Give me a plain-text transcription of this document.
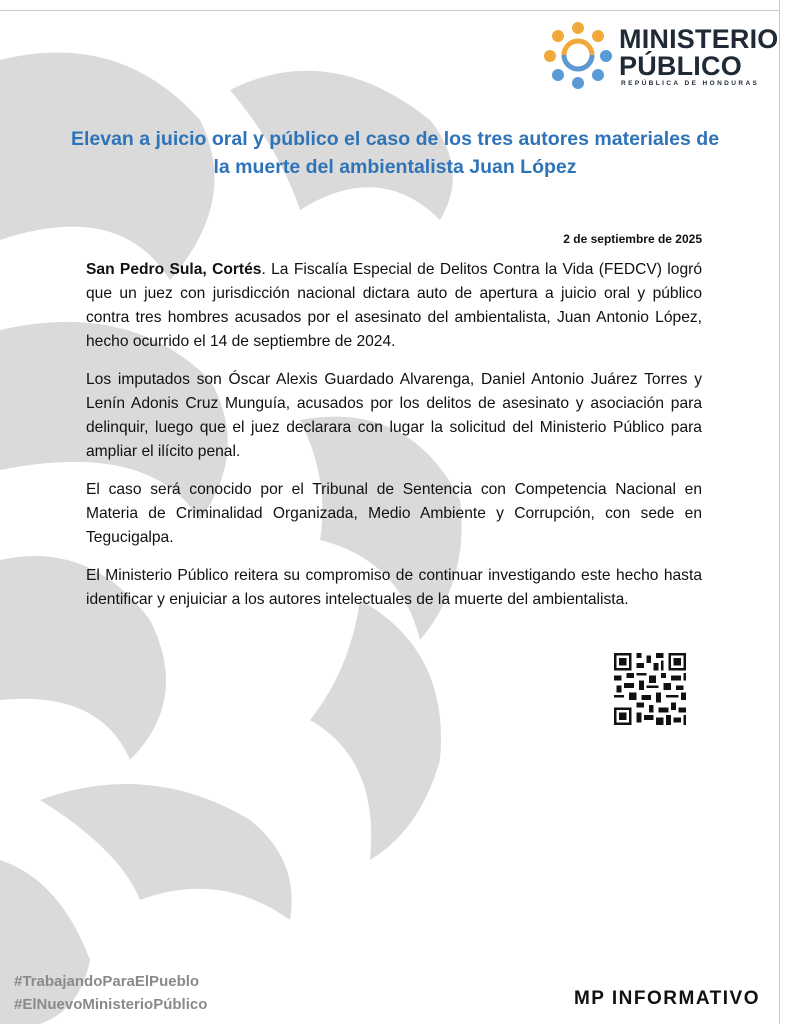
MINISTERIO
PÚBLICO
REPÚBLICA DE HONDURAS
Elevan a juicio oral y público el caso de los tres autores materiales de la muerte del ambientalista Juan López
2 de septiembre de 2025

San Pedro Sula, Cortés. La Fiscalía Especial de Delitos Contra la Vida (FEDCV) logró que un juez con jurisdicción nacional dictara auto de apertura a juicio oral y público contra tres hombres acusados por el asesinato del ambientalista, Juan Antonio López, hecho ocurrido el 14 de septiembre de 2024.

Los imputados son Óscar Alexis Guardado Alvarenga, Daniel Antonio Juárez Torres y Lenín Adonis Cruz Munguía, acusados por los delitos de asesinato y asociación para delinquir, luego que el juez declarara con lugar la solicitud del Ministerio Público para ampliar el ilícito penal.

El caso será conocido por el Tribunal de Sentencia con Competencia Nacional en Materia de Criminalidad Organizada, Medio Ambiente y Corrupción, con sede en Tegucigalpa.

El Ministerio Público reitera su compromiso de continuar investigando este hecho hasta identificar y enjuiciar a los autores intelectuales de la muerte del ambientalista.

#TrabajandoParaElPueblo
#ElNuevoMinisterioPúblico	MP INFORMATIVO
